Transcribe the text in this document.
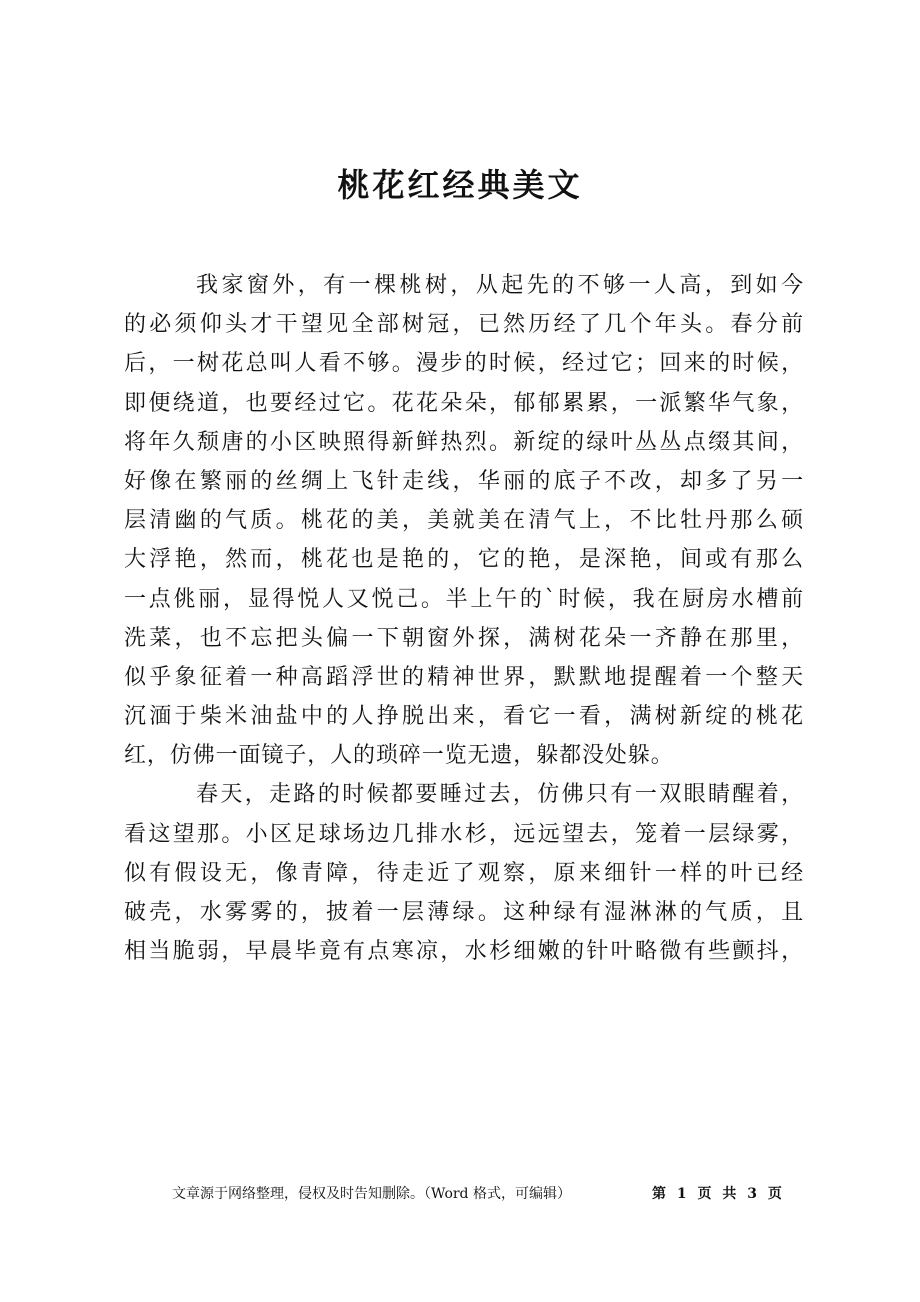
桃花红经典美文
我家窗外，有一棵桃树，从起先的不够一人高，到如今
的必须仰头才干望见全部树冠，已然历经了几个年头。春分前
后，一树花总叫人看不够。漫步的时候，经过它；回来的时候，
即便绕道，也要经过它。花花朵朵，郁郁累累，一派繁华气象，
将年久颓唐的小区映照得新鲜热烈。新绽的绿叶丛丛点缀其间，
好像在繁丽的丝绸上飞针走线，华丽的底子不改，却多了另一
层清幽的气质。桃花的美，美就美在清气上，不比牡丹那么硕
大浮艳，然而，桃花也是艳的，它的艳，是深艳，间或有那么
一点佻丽，显得悦人又悦己。半上午的`时候，我在厨房水槽前
洗菜，也不忘把头偏一下朝窗外探，满树花朵一齐静在那里，
似乎象征着一种高蹈浮世的精神世界，默默地提醒着一个整天
沉湎于柴米油盐中的人挣脱出来，看它一看，满树新绽的桃花
红，仿佛一面镜子，人的琐碎一览无遗，躲都没处躲。
春天，走路的时候都要睡过去，仿佛只有一双眼睛醒着，
看这望那。小区足球场边几排水杉，远远望去，笼着一层绿雾，
似有假设无，像青障，待走近了观察，原来细针一样的叶已经
破壳，水雾雾的，披着一层薄绿。这种绿有湿淋淋的气质，且
相当脆弱，早晨毕竟有点寒凉，水杉细嫩的针叶略微有些颤抖，
文章源于网络整理，侵权及时告知删除。（Word 格式，可编辑）	第 1 页 共 3 页
